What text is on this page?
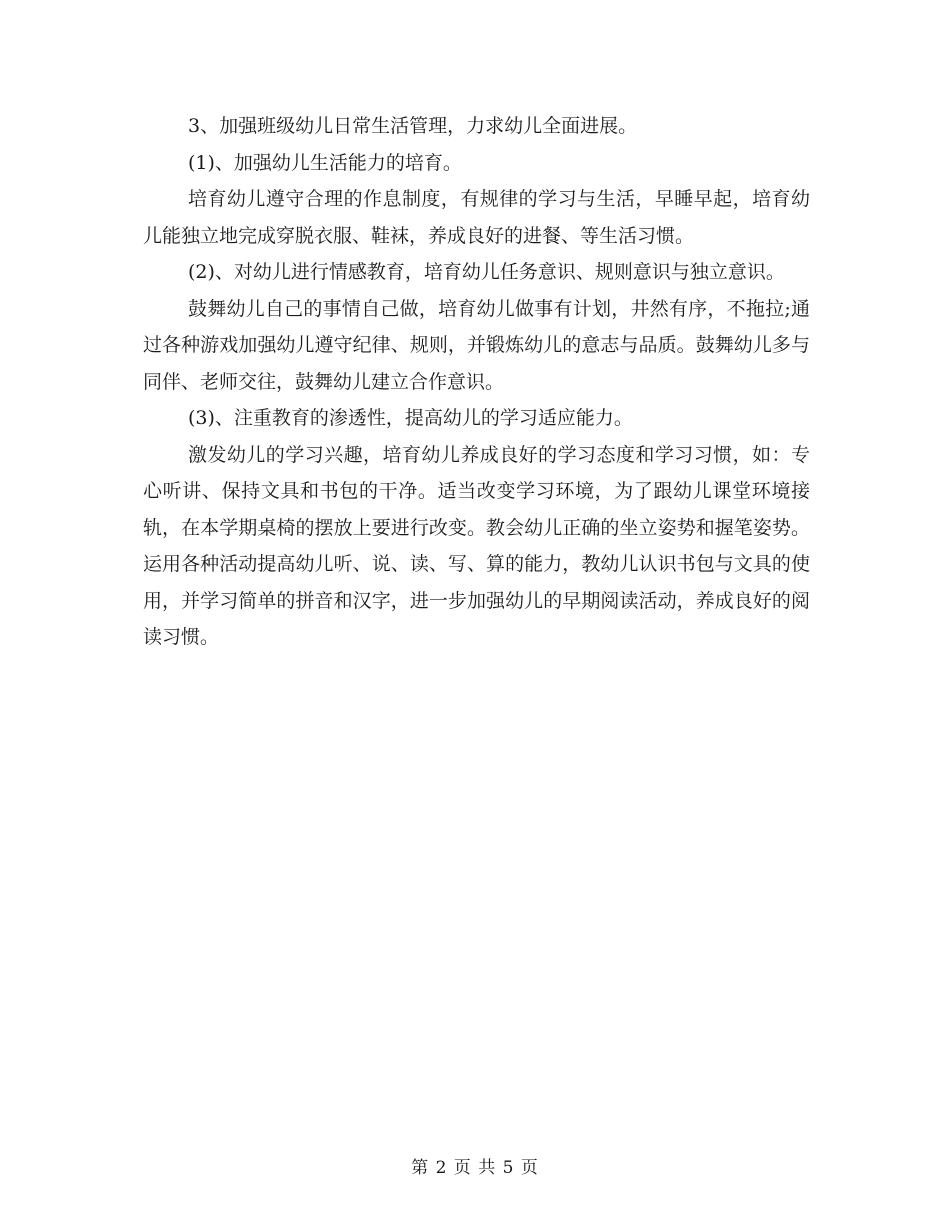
3、加强班级幼儿日常生活管理，力求幼儿全面进展。

(1)、加强幼儿生活能力的培育。

培育幼儿遵守合理的作息制度，有规律的学习与生活，早睡早起，培育幼儿能独立地完成穿脱衣服、鞋袜，养成良好的进餐、等生活习惯。

(2)、对幼儿进行情感教育，培育幼儿任务意识、规则意识与独立意识。

鼓舞幼儿自己的事情自己做，培育幼儿做事有计划，井然有序，不拖拉;通过各种游戏加强幼儿遵守纪律、规则，并锻炼幼儿的意志与品质。鼓舞幼儿多与同伴、老师交往，鼓舞幼儿建立合作意识。

(3)、注重教育的渗透性，提高幼儿的学习适应能力。

激发幼儿的学习兴趣，培育幼儿养成良好的学习态度和学习习惯，如：专心听讲、保持文具和书包的干净。适当改变学习环境，为了跟幼儿课堂环境接轨，在本学期桌椅的摆放上要进行改变。教会幼儿正确的坐立姿势和握笔姿势。运用各种活动提高幼儿听、说、读、写、算的能力，教幼儿认识书包与文具的使用，并学习简单的拼音和汉字，进一步加强幼儿的早期阅读活动，养成良好的阅读习惯。

第 2 页 共 5 页
